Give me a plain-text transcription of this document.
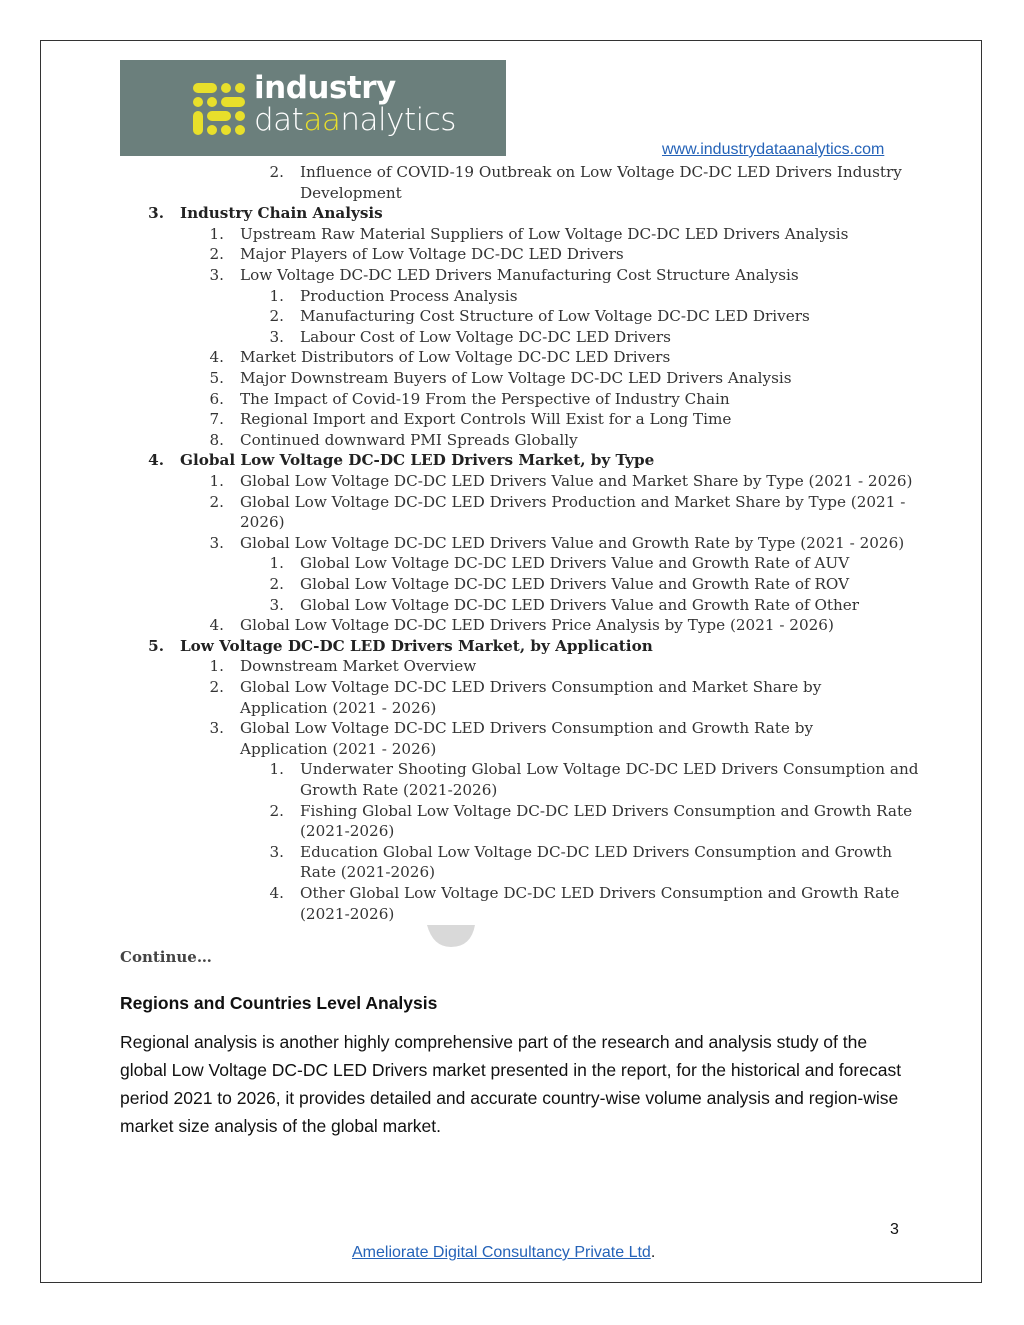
industry
dataanalytics
www.industrydataanalytics.com
2. Influence of COVID-19 Outbreak on Low Voltage DC-DC LED Drivers Industry
Development
3. Industry Chain Analysis
1. Upstream Raw Material Suppliers of Low Voltage DC-DC LED Drivers Analysis
2. Major Players of Low Voltage DC-DC LED Drivers
3. Low Voltage DC-DC LED Drivers Manufacturing Cost Structure Analysis
1. Production Process Analysis
2. Manufacturing Cost Structure of Low Voltage DC-DC LED Drivers
3. Labour Cost of Low Voltage DC-DC LED Drivers
4. Market Distributors of Low Voltage DC-DC LED Drivers
5. Major Downstream Buyers of Low Voltage DC-DC LED Drivers Analysis
6. The Impact of Covid-19 From the Perspective of Industry Chain
7. Regional Import and Export Controls Will Exist for a Long Time
8. Continued downward PMI Spreads Globally
4. Global Low Voltage DC-DC LED Drivers Market, by Type
1. Global Low Voltage DC-DC LED Drivers Value and Market Share by Type (2021 - 2026)
2. Global Low Voltage DC-DC LED Drivers Production and Market Share by Type (2021 -
2026)
3. Global Low Voltage DC-DC LED Drivers Value and Growth Rate by Type (2021 - 2026)
1. Global Low Voltage DC-DC LED Drivers Value and Growth Rate of AUV
2. Global Low Voltage DC-DC LED Drivers Value and Growth Rate of ROV
3. Global Low Voltage DC-DC LED Drivers Value and Growth Rate of Other
4. Global Low Voltage DC-DC LED Drivers Price Analysis by Type (2021 - 2026)
5. Low Voltage DC-DC LED Drivers Market, by Application
1. Downstream Market Overview
2. Global Low Voltage DC-DC LED Drivers Consumption and Market Share by
Application (2021 - 2026)
3. Global Low Voltage DC-DC LED Drivers Consumption and Growth Rate by
Application (2021 - 2026)
1. Underwater Shooting Global Low Voltage DC-DC LED Drivers Consumption and
Growth Rate (2021-2026)
2. Fishing Global Low Voltage DC-DC LED Drivers Consumption and Growth Rate
(2021-2026)
3. Education Global Low Voltage DC-DC LED Drivers Consumption and Growth
Rate (2021-2026)
4. Other Global Low Voltage DC-DC LED Drivers Consumption and Growth Rate
(2021-2026)
Continue…
Regions and Countries Level Analysis
Regional analysis is another highly comprehensive part of the research and analysis study of the global Low Voltage DC-DC LED Drivers market presented in the report, for the historical and forecast period 2021 to 2026, it provides detailed and accurate country-wise volume analysis and region-wise market size analysis of the global market.
3
Ameliorate Digital Consultancy Private Ltd.
